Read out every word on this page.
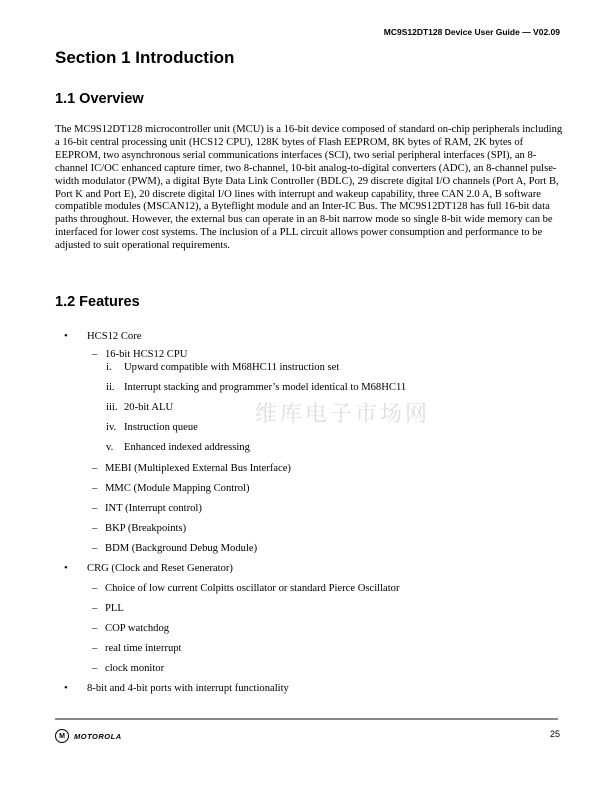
MC9S12DT128 Device User Guide — V02.09
Section 1 Introduction
1.1 Overview
The MC9S12DT128 microcontroller unit (MCU) is a 16-bit device composed of standard on-chip peripherals including a 16-bit central processing unit (HCS12 CPU), 128K bytes of Flash EEPROM, 8K bytes of RAM, 2K bytes of EEPROM, two asynchronous serial communications interfaces (SCI), two serial peripheral interfaces (SPI), an 8-channel IC/OC enhanced capture timer, two 8-channel, 10-bit analog-to-digital converters (ADC), an 8-channel pulse-width modulator (PWM), a digital Byte Data Link Controller (BDLC), 29 discrete digital I/O channels (Port A, Port B, Port K and Port E), 20 discrete digital I/O lines with interrupt and wakeup capability, three CAN 2.0 A, B software compatible modules (MSCAN12), a Byteflight module and an Inter-IC Bus. The MC9S12DT128 has full 16-bit data paths throughout. However, the external bus can operate in an 8-bit narrow mode so single 8-bit wide memory can be interfaced for lower cost systems. The inclusion of a PLL circuit allows power consumption and performance to be adjusted to suit operational requirements.
1.2 Features
• HCS12 Core
– 16-bit HCS12 CPU
i. Upward compatible with M68HC11 instruction set
ii. Interrupt stacking and programmer’s model identical to M68HC11
iii. 20-bit ALU
iv. Instruction queue
v. Enhanced indexed addressing
– MEBI (Multiplexed External Bus Interface)
– MMC (Module Mapping Control)
– INT (Interrupt control)
– BKP (Breakpoints)
– BDM (Background Debug Module)
• CRG (Clock and Reset Generator)
– Choice of low current Colpitts oscillator or standard Pierce Oscillator
– PLL
– COP watchdog
– real time interrupt
– clock monitor
• 8-bit and 4-bit ports with interrupt functionality
维库电子市场网
M	MOTOROLA	25
